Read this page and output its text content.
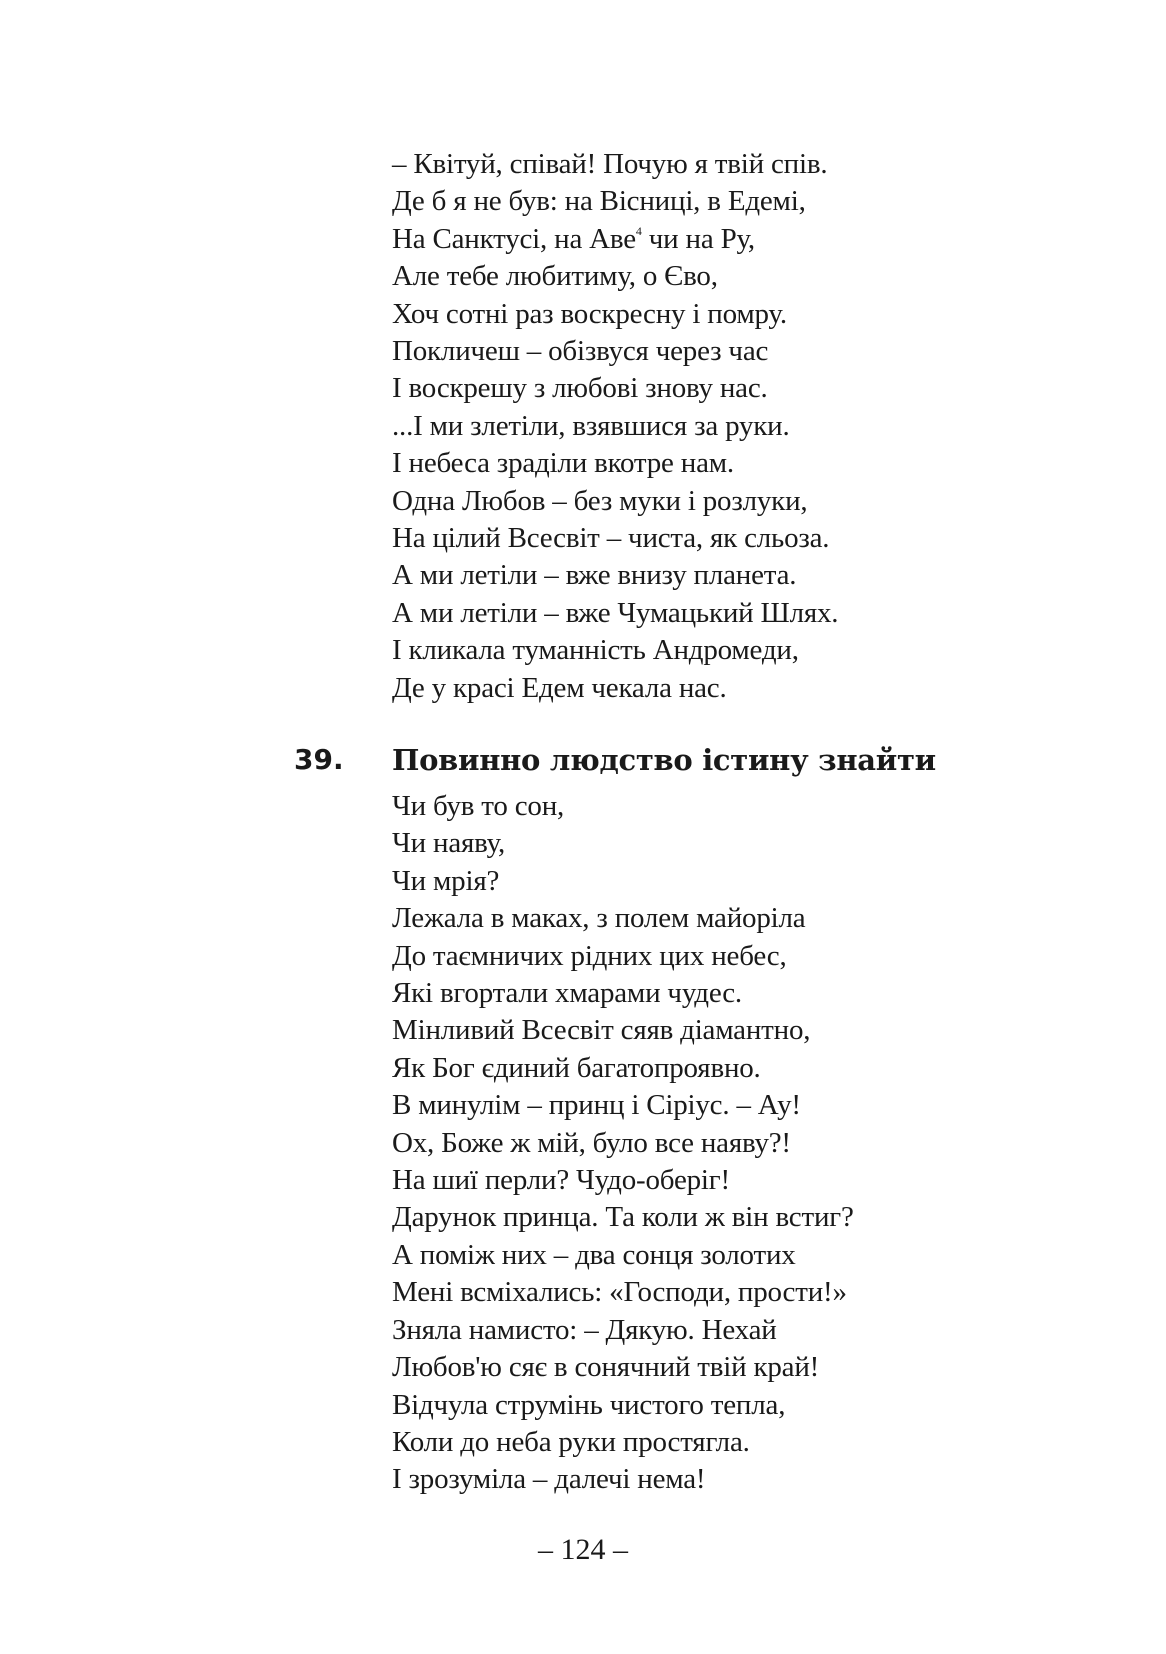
– Квітуй, співай! Почую я твій спів.
Де б я не був: на Вісниці, в Едемі,
На Санктусі, на Аве$^4$ чи на Ру,
Але тебе любитиму, о Єво,
Хоч сотні раз воскресну і помру.
Покличеш – обізвуся через час
І воскрешу з любові знову нас.
...І ми злетіли, взявшися за руки.
І небеса зраділи вкотре нам.
Одна Любов – без муки і розлуки,
На цілий Всесвіт – чиста, як сльоза.
А ми летіли – вже внизу планета.
А ми летіли – вже Чумацький Шлях.
І кликала туманність Андромеди,
Де у красі Едем чекала нас.
39. Повинно людство істину знайти
Чи був то сон,
Чи наяву,
Чи мрія?
Лежала в маках, з полем майоріла
До таємничих рідних цих небес,
Які вгортали хмарами чудес.
Мінливий Всесвіт сяяв діамантно,
Як Бог єдиний багатопроявно.
В минулім – принц і Сіріус. – Ау!
Ох, Боже ж мій, було все наяву?!
На шиї перли? Чудо-оберіг!
Дарунок принца. Та коли ж він встиг?
А поміж них – два сонця золотих
Мені всміхались: «Господи, прости!»
Зняла намисто: – Дякую. Нехай
Любов'ю сяє в сонячний твій край!
Відчула струмінь чистого тепла,
Коли до неба руки простягла.
І зрозуміла – далечі нема!
– 124 –
